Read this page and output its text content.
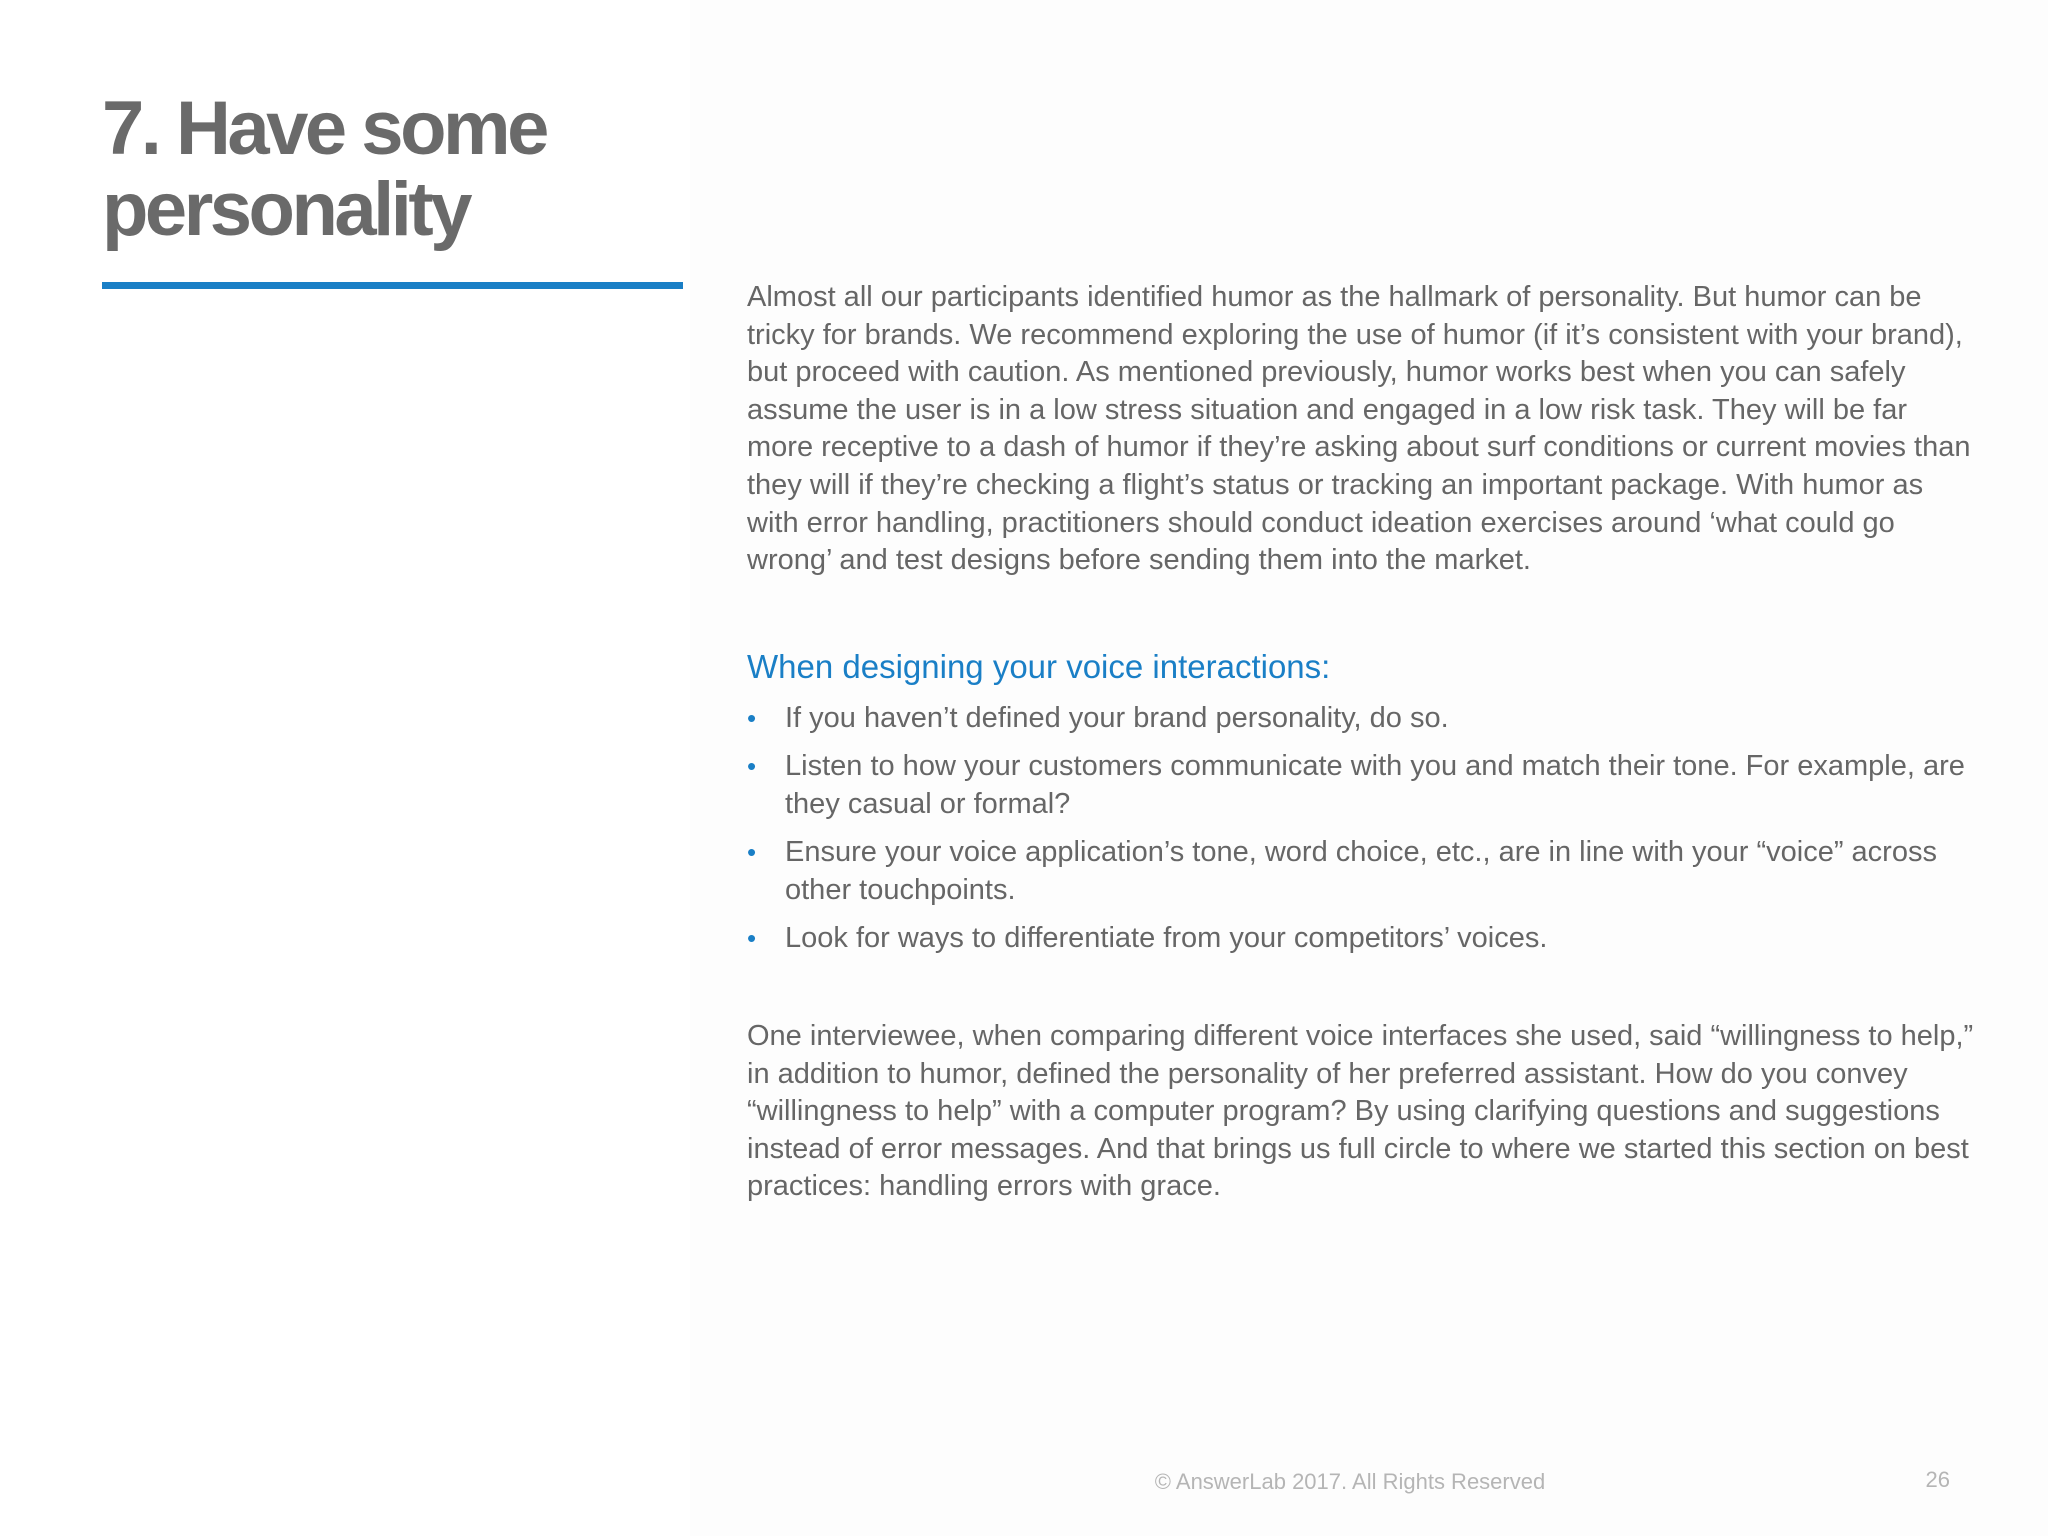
7. Have some
personality

Almost all our participants identified humor as the hallmark of personality. But humor can be tricky for brands. We recommend exploring the use of humor (if it’s consistent with your brand), but proceed with caution. As mentioned previously, humor works best when you can safely assume the user is in a low stress situation and engaged in a low risk task. They will be far more receptive to a dash of humor if they’re asking about surf conditions or current movies than they will if they’re checking a flight’s status or tracking an important package. With humor as with error handling, practitioners should conduct ideation exercises around ‘what could go wrong’ and test designs before sending them into the market.

When designing your voice interactions:
• If you haven’t defined your brand personality, do so.
• Listen to how your customers communicate with you and match their tone. For example, are they casual or formal?
• Ensure your voice application’s tone, word choice, etc., are in line with your “voice” across other touchpoints.
• Look for ways to differentiate from your competitors’ voices.

One interviewee, when comparing different voice interfaces she used, said “willingness to help,” in addition to humor, defined the personality of her preferred assistant. How do you convey “willingness to help” with a computer program? By using clarifying questions and suggestions instead of error messages. And that brings us full circle to where we started this section on best practices: handling errors with grace.

© AnswerLab 2017. All Rights Reserved	26
